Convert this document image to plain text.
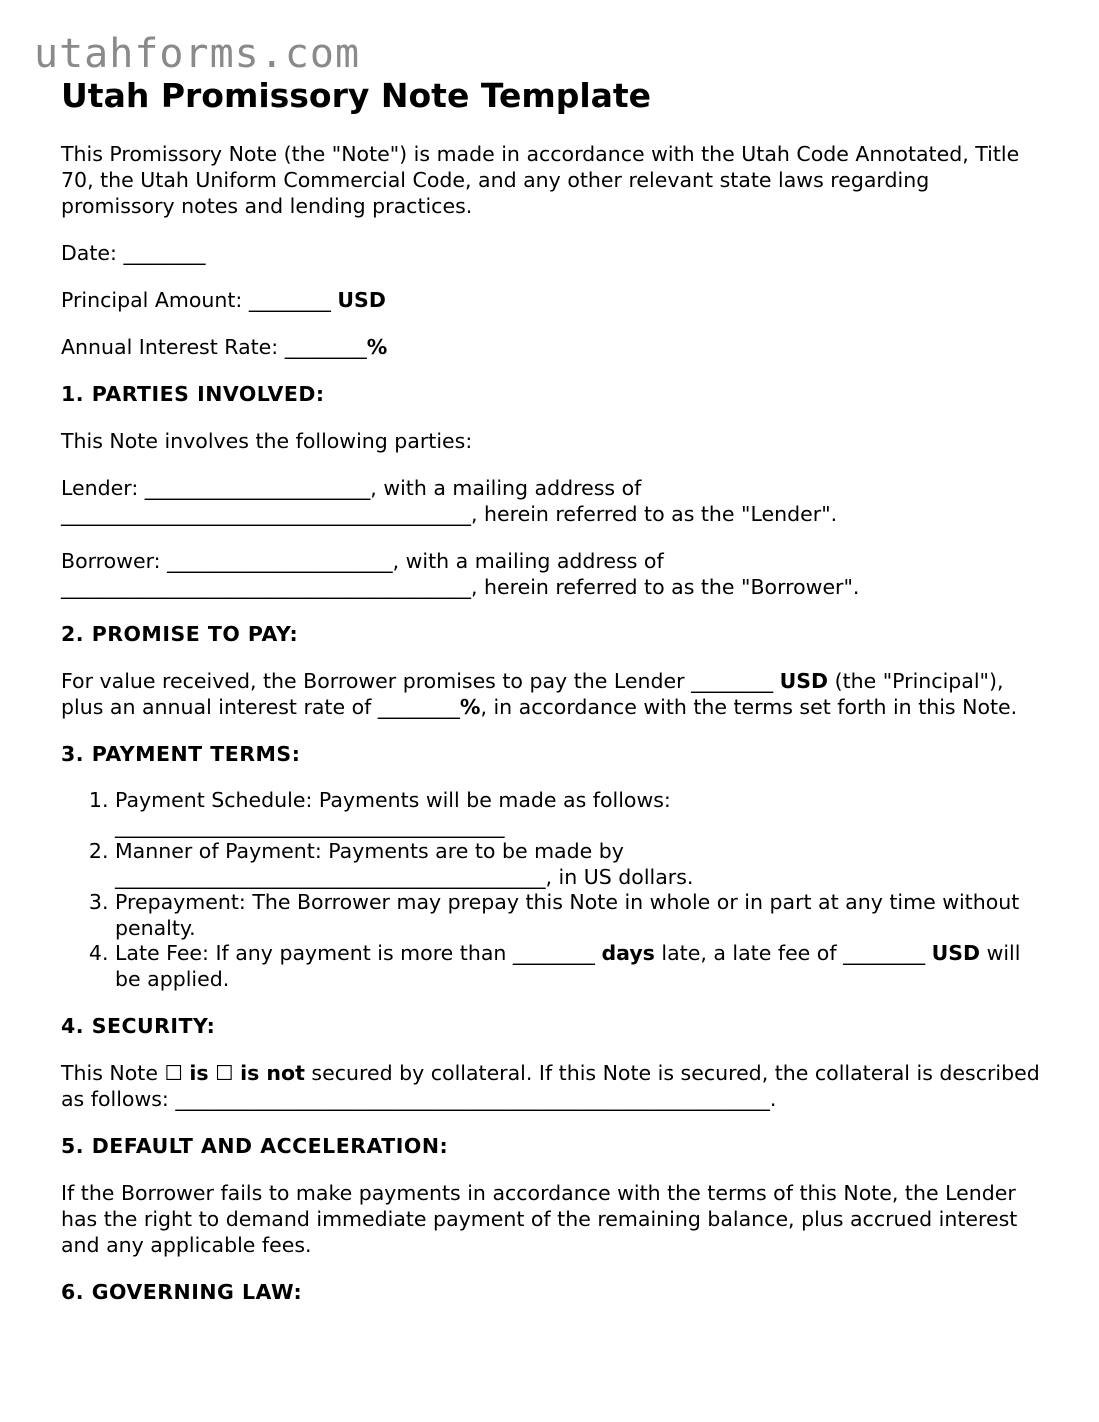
utahforms.com
Utah Promissory Note Template

This Promissory Note (the "Note") is made in accordance with the Utah Code Annotated, Title 70, the Utah Uniform Commercial Code, and any other relevant state laws regarding promissory notes and lending practices.

Date: ________

Principal Amount: ________ USD

Annual Interest Rate: ________%

1. PARTIES INVOLVED:

This Note involves the following parties:

Lender: ______________________, with a mailing address of
________________________________________, herein referred to as the "Lender".

Borrower: ______________________, with a mailing address of
________________________________________, herein referred to as the "Borrower".

2. PROMISE TO PAY:

For value received, the Borrower promises to pay the Lender ________ USD (the "Principal"), plus an annual interest rate of ________%, in accordance with the terms set forth in this Note.

3. PAYMENT TERMS:
1. Payment Schedule: Payments will be made as follows:
______________________________________
2. Manner of Payment: Payments are to be made by
__________________________________________, in US dollars.
3. Prepayment: The Borrower may prepay this Note in whole or in part at any time without penalty.
4. Late Fee: If any payment is more than ________ days late, a late fee of ________ USD will be applied.
4. SECURITY:

This Note ☐ is ☐ is not secured by collateral. If this Note is secured, the collateral is described as follows: __________________________________________________________.

5. DEFAULT AND ACCELERATION:

If the Borrower fails to make payments in accordance with the terms of this Note, the Lender has the right to demand immediate payment of the remaining balance, plus accrued interest and any applicable fees.

6. GOVERNING LAW:
